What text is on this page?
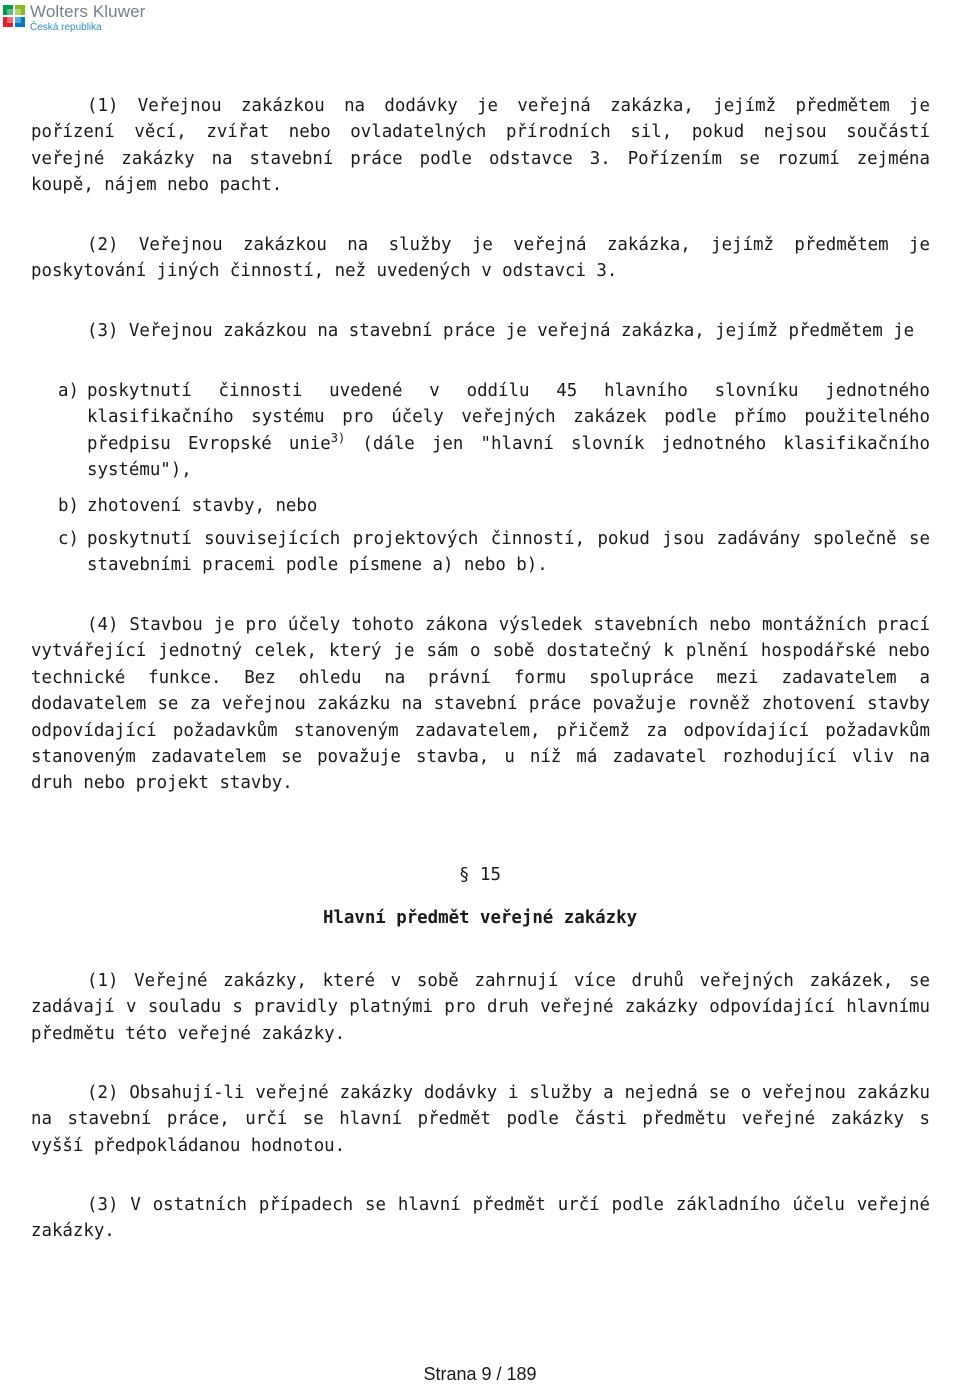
Wolters Kluwer
Česká republika

(1) Veřejnou zakázkou na dodávky je veřejná zakázka, jejímž předmětem je pořízení věcí, zvířat nebo ovladatelných přírodních sil, pokud nejsou součástí veřejné zakázky na stavební práce podle odstavce 3. Pořízením se rozumí zejména koupě, nájem nebo pacht.

(2) Veřejnou zakázkou na služby je veřejná zakázka, jejímž předmětem je poskytování jiných činností, než uvedených v odstavci 3.

(3) Veřejnou zakázkou na stavební práce je veřejná zakázka, jejímž předmětem je

a) poskytnutí činnosti uvedené v oddílu 45 hlavního slovníku jednotného klasifikačního systému pro účely veřejných zakázek podle přímo použitelného předpisu Evropské unie$^{3)}$ (dále jen "hlavní slovník jednotného klasifikačního systému"),
b) zhotovení stavby, nebo
c) poskytnutí souvisejících projektových činností, pokud jsou zadávány společně se stavebními pracemi podle písmene a) nebo b).

(4) Stavbou je pro účely tohoto zákona výsledek stavebních nebo montážních prací vytvářející jednotný celek, který je sám o sobě dostatečný k plnění hospodářské nebo technické funkce. Bez ohledu na právní formu spolupráce mezi zadavatelem a dodavatelem se za veřejnou zakázku na stavební práce považuje rovněž zhotovení stavby odpovídající požadavkům stanoveným zadavatelem, přičemž za odpovídající požadavkům stanoveným zadavatelem se považuje stavba, u níž má zadavatel rozhodující vliv na druh nebo projekt stavby.

§ 15
Hlavní předmět veřejné zakázky

(1) Veřejné zakázky, které v sobě zahrnují více druhů veřejných zakázek, se zadávají v souladu s pravidly platnými pro druh veřejné zakázky odpovídající hlavnímu předmětu této veřejné zakázky.

(2) Obsahují-li veřejné zakázky dodávky i služby a nejedná se o veřejnou zakázku na stavební práce, určí se hlavní předmět podle části předmětu veřejné zakázky s vyšší předpokládanou hodnotou.

(3) V ostatních případech se hlavní předmět určí podle základního účelu veřejné zakázky.

Strana 9 / 189
